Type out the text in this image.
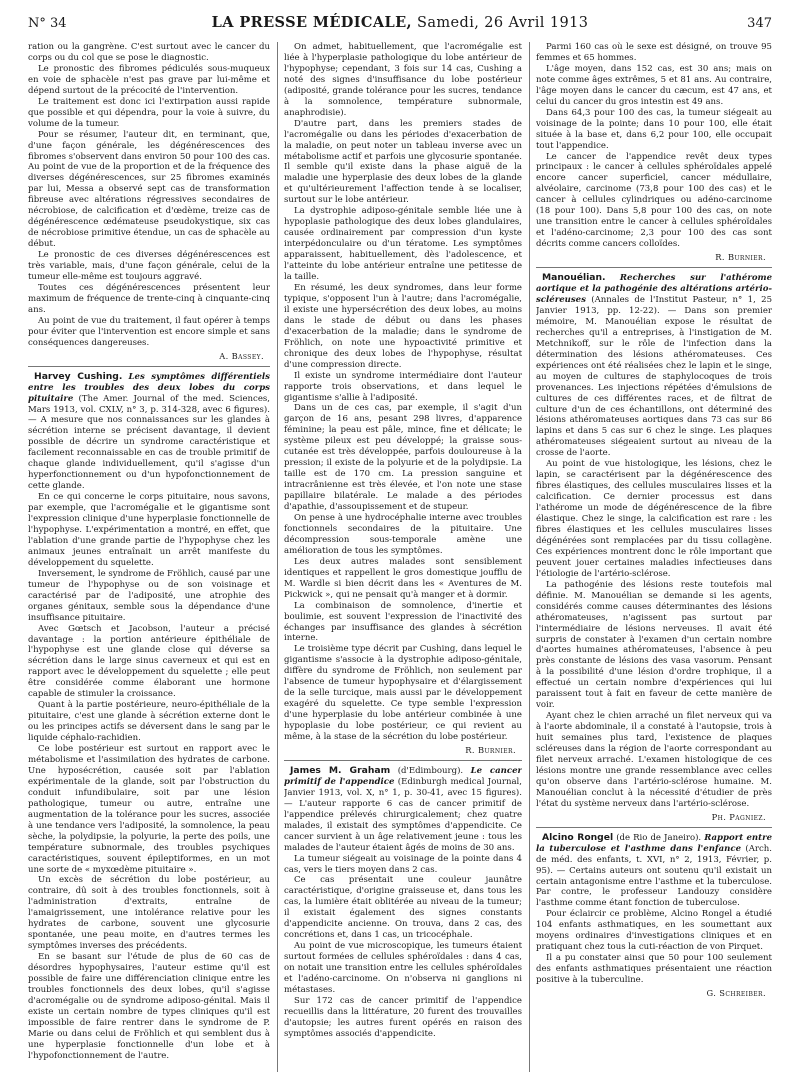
N° 34	LA PRESSE MÉDICALE, Samedi, 26 Avril 1913	347

ration ou la gangrène. C'est surtout avec le cancer du corps ou du col que se pose le diagnostic.

Le pronostic des fibromes pédiculés sous-muqueux en voie de sphacèle n'est pas grave par lui-même et dépend surtout de la précocité de l'intervention.

Le traitement est donc ici l'extirpation aussi rapide que possible et qui dépendra, pour la voie à suivre, du volume de la tumeur.

Pour se résumer, l'auteur dit, en terminant, que, d'une façon générale, les dégénérescences des fibromes s'observent dans environ 50 pour 100 des cas. Au point de vue de la proportion et de la fréquence des diverses dégénérescences, sur 25 fibromes examinés par lui, Messa a observé sept cas de transformation fibreuse avec altérations régressives secondaires de nécrobiose, de calcification et d'œdème, treize cas de dégénérescence œdémateuse pseudokystique, six cas de nécrobiose primitive étendue, un cas de sphacèle au début.

Le pronostic de ces diverses dégénérescences est très variable, mais, d'une façon générale, celui de la tumeur elle-même est toujours aggravé.

Toutes ces dégénérescences présentent leur maximum de fréquence de trente-cinq à cinquante-cinq ans.

Au point de vue du traitement, il faut opérer à temps pour éviter que l'intervention est encore simple et sans conséquences dangereuses.

A. Bassey.

Harvey Cushing. Les symptômes différentiels entre les troubles des deux lobes du corps pituitaire (The Amer. Journal of the med. Sciences, Mars 1913, vol. CXLV, n° 3, p. 314-328, avec 6 figures). — A mesure que nos connaissances sur les glandes à sécrétion interne se précisent davantage, il devient possible de décrire un syndrome caractéristique et facilement reconnaissable en cas de trouble primitif de chaque glande individuellement, qu'il s'agisse d'un hyperfonctionnement ou d'un hypofonctionnement de cette glande.

En ce qui concerne le corps pituitaire, nous savons, par exemple, que l'acromégalie et le gigantisme sont l'expression clinique d'une hyperplasie fonctionnelle de l'hypophyse. L'expérimentation a montré, en effet, que l'ablation d'une grande partie de l'hypophyse chez les animaux jeunes entraînait un arrêt manifeste du développement du squelette.

Inversement, le syndrome de Fröhlich, causé par une tumeur de l'hypophyse ou de son voisinage et caractérisé par de l'adiposité, une atrophie des organes génitaux, semble sous la dépendance d'une insuffisance pituitaire.

Avec Gœtsch et Jacobson, l'auteur a précisé davantage : la portion antérieure épithéliale de l'hypophyse est une glande close qui déverse sa sécrétion dans le large sinus caverneux et qui est en rapport avec le développement du squelette ; elle peut être considérée comme élaborant une hormone capable de stimuler la croissance.

Quant à la partie postérieure, neuro-épithéliale de la pituitaire, c'est une glande à sécrétion externe dont le ou les principes actifs se déversent dans le sang par le liquide céphalo-rachidien.

Ce lobe postérieur est surtout en rapport avec le métabolisme et l'assimilation des hydrates de carbone. Une hyposécrétion, causée soit par l'ablation expérimentale de la glande, soit par l'obstruction du conduit infundibulaire, soit par une lésion pathologique, tumeur ou autre, entraîne une augmentation de la tolérance pour les sucres, associée à une tendance vers l'adiposité, la somnolence, la peau sèche, la polydipsie, la polyurie, la perte des poils, une température subnormale, des troubles psychiques caractéristiques, souvent épileptiformes, en un mot une sorte de « myxœdème pituitaire ».

Un excès de sécrétion du lobe postérieur, au contraire, dû soit à des troubles fonctionnels, soit à l'administration d'extraits, entraîne de l'amaigrissement, une intolérance relative pour les hydrates de carbone, souvent une glycosurie spontanée, une peau moite, en d'autres termes les symptômes inverses des précédents.

En se basant sur l'étude de plus de 60 cas de désordres hypophysaires, l'auteur estime qu'il est possible de faire une différenciation clinique entre les troubles fonctionnels des deux lobes, qu'il s'agisse d'acromégalie ou de syndrome adiposo-génital. Mais il existe un certain nombre de types cliniques qu'il est impossible de faire rentrer dans le syndrome de P. Marie ou dans celui de Fröhlich et qui semblent dus à une hyperplasie fonctionnelle d'un lobe et à l'hypofonctionnement de l'autre.

On admet, habituellement, que l'acromégalie est liée à l'hyperplasie pathologique du lobe antérieur de l'hypophyse; cependant, 3 fois sur 14 cas, Cushing a noté des signes d'insuffisance du lobe postérieur (adiposité, grande tolérance pour les sucres, tendance à la somnolence, température subnormale, anaphrodisie).

D'autre part, dans les premiers stades de l'acromégalie ou dans les périodes d'exacerbation de la maladie, on peut noter un tableau inverse avec un métabolisme actif et parfois une glycosurie spontanée. Il semble qu'il existe dans la phase aiguë de la maladie une hyperplasie des deux lobes de la glande et qu'ultérieurement l'affection tende à se localiser, surtout sur le lobe antérieur.

La dystrophie adiposo-génitale semble liée une à hypoplasie pathologique des deux lobes glandulaires, causée ordinairement par compression d'un kyste interpédonculaire ou d'un tératome. Les symptômes apparaissent, habituellement, dès l'adolescence, et l'atteinte du lobe antérieur entraîne une petitesse de la taille.

En résumé, les deux syndromes, dans leur forme typique, s'opposent l'un à l'autre; dans l'acromégalie, il existe une hypersécrétion des deux lobes, au moins dans le stade de début ou dans les phases d'exacerbation de la maladie; dans le syndrome de Fröhlich, on note une hypoactivité primitive et chronique des deux lobes de l'hypophyse, résultat d'une compression directe.

Il existe un syndrome intermédiaire dont l'auteur rapporte trois observations, et dans lequel le gigantisme s'allie à l'adiposité.

Dans un de ces cas, par exemple, il s'agit d'un garçon de 16 ans, pesant 298 livres, d'apparence féminine; la peau est pâle, mince, fine et délicate; le système pileux est peu développé; la graisse sous-cutanée est très développée, parfois douloureuse à la pression; il existe de la polyurie et de la polydipsie. La taille est de 170 cm. La pression sanguine et intracrânienne est très élevée, et l'on note une stase papillaire bilatérale. Le malade a des périodes d'apathie, d'assoupissement et de stupeur.

On pense à une hydrocéphalie interne avec troubles fonctionnels secondaires de la pituitaire. Une décompression sous-temporale amène une amélioration de tous les symptômes.

Les deux autres malades sont sensiblement identiques et rappellent le gros domestique joufflu de M. Wardle si bien décrit dans les « Aventures de M. Pickwick », qui ne pensait qu'à manger et à dormir.

La combinaison de somnolence, d'inertie et boulimie, est souvent l'expression de l'inactivité des échanges par insuffisance des glandes à sécrétion interne.

Le troisième type décrit par Cushing, dans lequel le gigantisme s'associe à la dystrophie adiposo-génitale, diffère du syndrome de Fröhlich, non seulement par l'absence de tumeur hypophysaire et d'élargissement de la selle turcique, mais aussi par le développement exagéré du squelette. Ce type semble l'expression d'une hyperplasie du lobe antérieur combinée à une hypoplasie du lobe postérieur, ce qui revient au même, à la stase de la sécrétion du lobe postérieur.

R. Burnier.

James M. Graham (d'Edimbourg). Le cancer primitif de l'appendice (Edinburgh medical Journal, Janvier 1913, vol. X, n° 1, p. 30-41, avec 15 figures). — L'auteur rapporte 6 cas de cancer primitif de l'appendice prélevés chirurgicalement; chez quatre malades, il existait des symptômes d'appendicite. Ce cancer survient à un âge relativement jeune : tous les malades de l'auteur étaient âgés de moins de 30 ans.

La tumeur siégeait au voisinage de la pointe dans 4 cas, vers le tiers moyen dans 2 cas.

Ce cas présentait une couleur jaunâtre caractéristique, d'origine graisseuse et, dans tous les cas, la lumière était oblitérée au niveau de la tumeur; il existait également des signes constants d'appendicite ancienne. On trouva, dans 2 cas, des concrétions et, dans 1 cas, un tricocéphale.

Au point de vue microscopique, les tumeurs étaient surtout formées de cellules sphéroïdales : dans 4 cas, on notait une transition entre les cellules sphéroïdales et l'adéno-carcinome. On n'observa ni ganglions ni métastases.

Sur 172 cas de cancer primitif de l'appendice recueillis dans la littérature, 20 furent des trouvailles d'autopsie; les autres furent opérés en raison des symptômes associés d'appendicite.

Parmi 160 cas où le sexe est désigné, on trouve 95 femmes et 65 hommes.

L'âge moyen, dans 152 cas, est 30 ans; mais on note comme âges extrêmes, 5 et 81 ans. Au contraire, l'âge moyen dans le cancer du cæcum, est 47 ans, et celui du cancer du gros intestin est 49 ans.

Dans 64,3 pour 100 des cas, la tumeur siégeait au voisinage de la pointe; dans 10 pour 100, elle était située à la base et, dans 6,2 pour 100, elle occupait tout l'appendice.

Le cancer de l'appendice revêt deux types principaux : le cancer à cellules sphéroïdales appelé encore cancer superficiel, cancer médullaire, alvéolaire, carcinome (73,8 pour 100 des cas) et le cancer à cellules cylindriques ou adéno-carcinome (18 pour 100). Dans 5,8 pour 100 des cas, on note une transition entre le cancer à cellules sphéroïdales et l'adéno-carcinome; 2,3 pour 100 des cas sont décrits comme cancers colloïdes.

R. Burnier.

Manouélian. Recherches sur l'athérome aortique et la pathogénie des altérations artério-scléreuses (Annales de l'Institut Pasteur, n° 1, 25 Janvier 1913, pp. 12-22). — Dans son premier mémoire, M. Manouélian expose le résultat de recherches qu'il a entreprises, à l'instigation de M. Metchnikoff, sur le rôle de l'infection dans la détermination des lésions athéromateuses. Ces expériences ont été réalisées chez le lapin et le singe, au moyen de cultures de staphylocoques de trois provenances. Les injections répétées d'émulsions de cultures de ces différentes races, et de filtrat de culture d'un de ces échantillons, ont déterminé des lésions athéromateuses aortiques dans 73 cas sur 86 lapins et dans 5 cas sur 6 chez le singe. Les plaques athéromateuses siégeaient surtout au niveau de la crosse de l'aorte.

Au point de vue histologique, les lésions, chez le lapin, se caractérisent par la dégénérescence des fibres élastiques, des cellules musculaires lisses et la calcification. Ce dernier processus est dans l'athérome un mode de dégénérescence de la fibre élastique. Chez le singe, la calcification est rare : les fibres élastiques et les cellules musculaires lisses dégénérées sont remplacées par du tissu collagène. Ces expériences montrent donc le rôle important que peuvent jouer certaines maladies infectieuses dans l'étiologie de l'artério-sclérose.

La pathogénie des lésions reste toutefois mal définie. M. Manouélian se demande si les agents, considérés comme causes déterminantes des lésions athéromateuses, n'agissent pas surtout par l'intermédiaire de lésions nerveuses. Il avait été surpris de constater à l'examen d'un certain nombre d'aortes humaines athéromateuses, l'absence à peu près constante de lésions des vasa vasorum. Pensant à la possibilité d'une lésion d'ordre trophique, il a effectué un certain nombre d'expériences qui lui paraissent tout à fait en faveur de cette manière de voir.

Ayant chez le chien arraché un filet nerveux qui va à l'aorte abdominale, il a constaté à l'autopsie, trois à huit semaines plus tard, l'existence de plaques scléreuses dans la région de l'aorte correspondant au filet nerveux arraché. L'examen histologique de ces lésions montre une grande ressemblance avec celles qu'on observe dans l'artério-sclérose humaine. M. Manouélian conclut à la nécessité d'étudier de près l'état du système nerveux dans l'artério-sclérose.

Ph. Pagniez.

Alcino Rongel (de Rio de Janeiro). Rapport entre la tuberculose et l'asthme dans l'enfance (Arch. de méd. des enfants, t. XVI, n° 2, 1913, Février, p. 95). — Certains auteurs ont soutenu qu'il existait un certain antagonisme entre l'asthme et la tuberculose. Par contre, le professeur Landouzy considère l'asthme comme étant fonction de tuberculose.

Pour éclaircir ce problème, Alcino Rongel a étudié 104 enfants asthmatiques, en les soumettant aux moyens ordinaires d'investigations cliniques et en pratiquant chez tous la cuti-réaction de von Pirquet.

Il a pu constater ainsi que 50 pour 100 seulement des enfants asthmatiques présentaient une réaction positive à la tuberculine.

G. Schreiber.
